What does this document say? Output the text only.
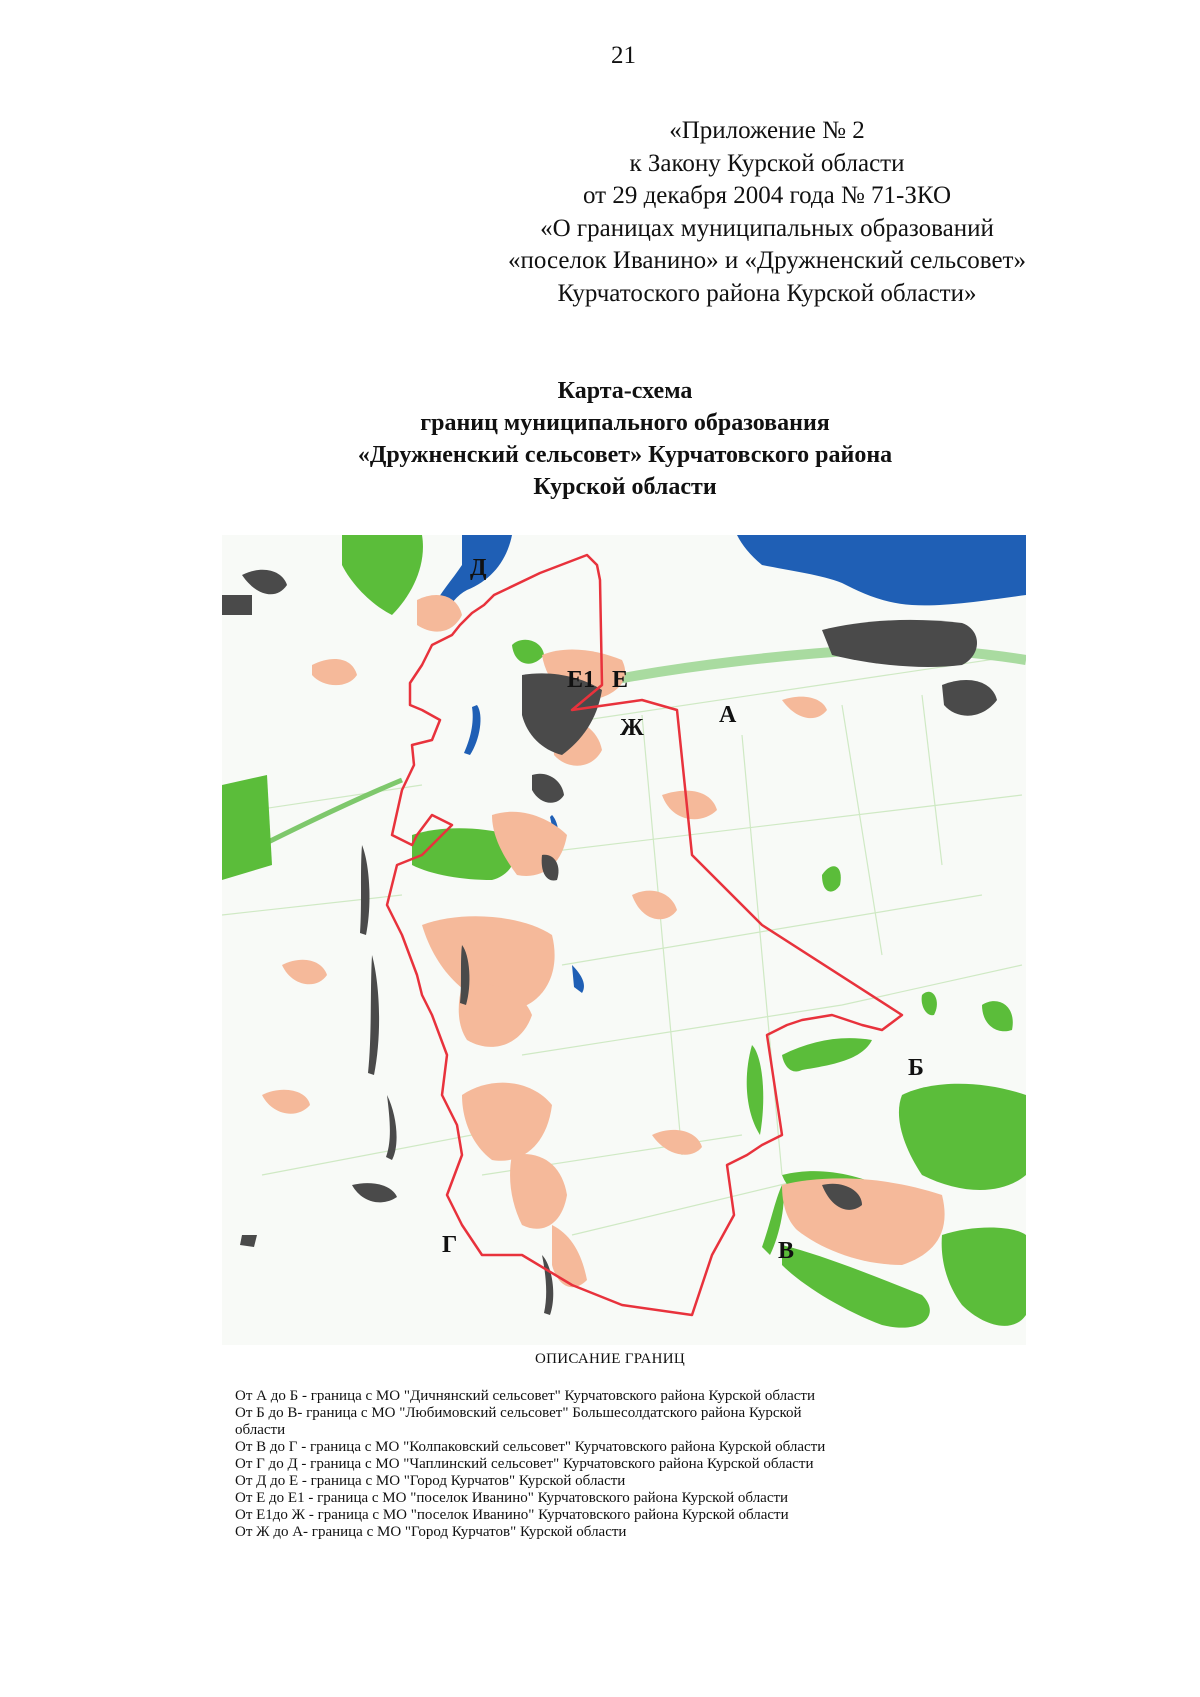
21
«Приложение № 2
к Закону Курской области
от 29 декабря 2004 года № 71-ЗКО
«О границах муниципальных образований
«поселок Иванино» и «Дружненский сельсовет»
Курчатоского района Курской области»
Карта-схема
границ муниципального образования
«Дружненский сельсовет» Курчатовского района
Курской области
Д
Е
Е1
Ж	А
Б
В
Г
ОПИСАНИЕ ГРАНИЦ
От А до Б - граница с МО "Дичнянский сельсовет" Курчатовского района Курской области
От Б до В- граница с МО "Любимовский сельсовет" Большесолдатского района Курской
области
От В до Г - граница с МО "Колпаковский сельсовет" Курчатовского района Курской области
От Г до Д - граница с МО "Чаплинский сельсовет" Курчатовского района Курской области
От Д до Е - граница с МО "Город Курчатов" Курской области
От Е до Е1 - граница с МО "поселок Иванино" Курчатовского района Курской области
От Е1до Ж - граница с МО "поселок Иванино" Курчатовского района Курской области
От Ж до А- граница с МО "Город Курчатов" Курской области
